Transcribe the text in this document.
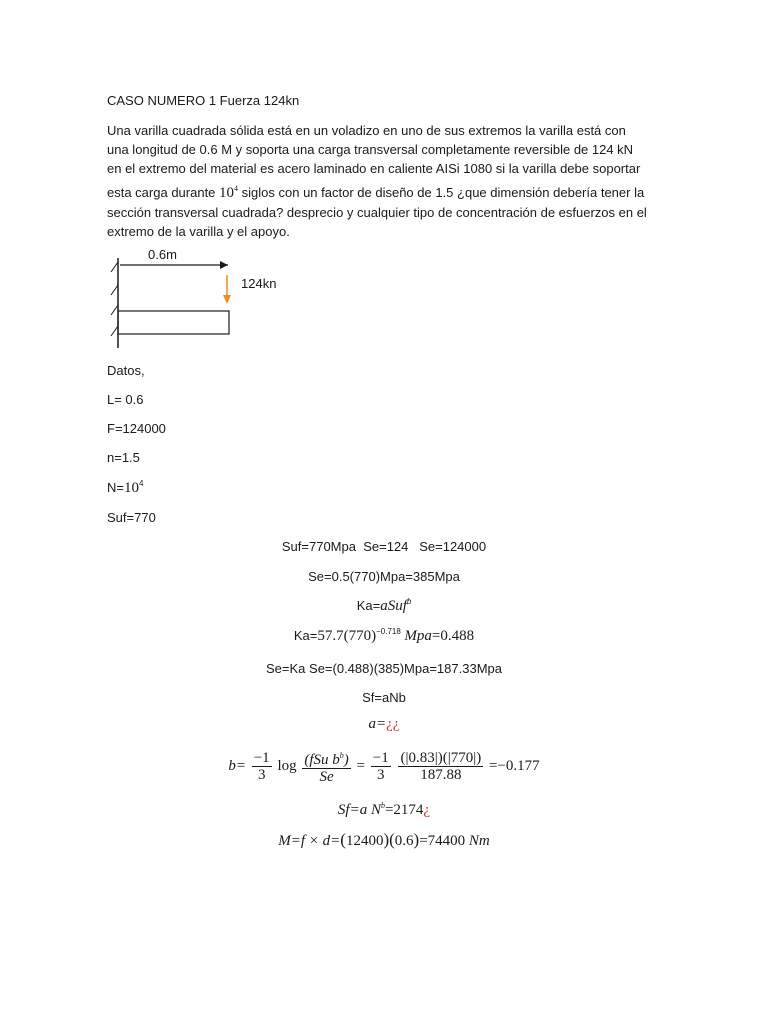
CASO NUMERO 1 Fuerza 124kn
Una varilla cuadrada sólida está en un voladizo en uno de sus extremos la varilla está con una longitud de 0.6 M y soporta una carga transversal completamente reversible de 124 kN en el extremo del material es acero laminado en caliente AISi 1080 si la varilla debe soportar esta carga durante $10^4$ siglos con un factor de diseño de 1.5 ¿que dimensión debería tener la sección transversal cuadrada? desprecio y cualquier tipo de concentración de esfuerzos en el extremo de la varilla y el apoyo.
0.6m
124kn
Datos,
L= 0.6
F=124000
n=1.5
$N=10^4$
Suf=770
Suf=770Mpa  Se=124   Se=124000
Se=0.5(770)Mpa=385Mpa
Ka=aSuf$^b$
$Ka=57.7(770)^{-0.718}$ Mpa=0.488
Se=Ka Se=(0.488)(385)Mpa=187.33Mpa
Sf=aNb
a=¿¿
$b= \frac{-1}{3}$ $\log \frac{(fSu b^b)}{Se} = \frac{-1}{3}$
$\frac{(|0.83|)(|770|)}{187.88} =-0.177$
Sf=a $N^b=2174¿$
M=f × d=(12400)(0.6)=74400 Nm
